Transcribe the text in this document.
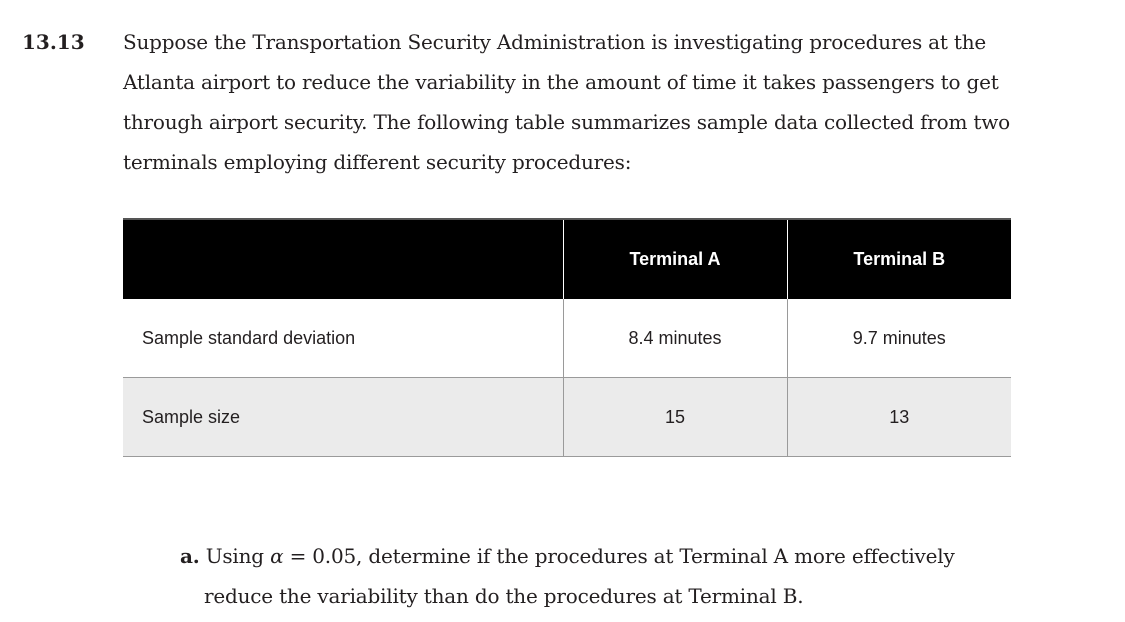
13.13 Suppose the Transportation Security Administration is investigating procedures at the Atlanta airport to reduce the variability in the amount of time it takes passengers to get through airport security. The following table summarizes sample data collected from two terminals employing different security procedures:

	Terminal A	Terminal B
Sample standard deviation	8.4 minutes	9.7 minutes
Sample size	15	13

a. Using α = 0.05, determine if the procedures at Terminal A more effectively
reduce the variability than do the procedures at Terminal B.
